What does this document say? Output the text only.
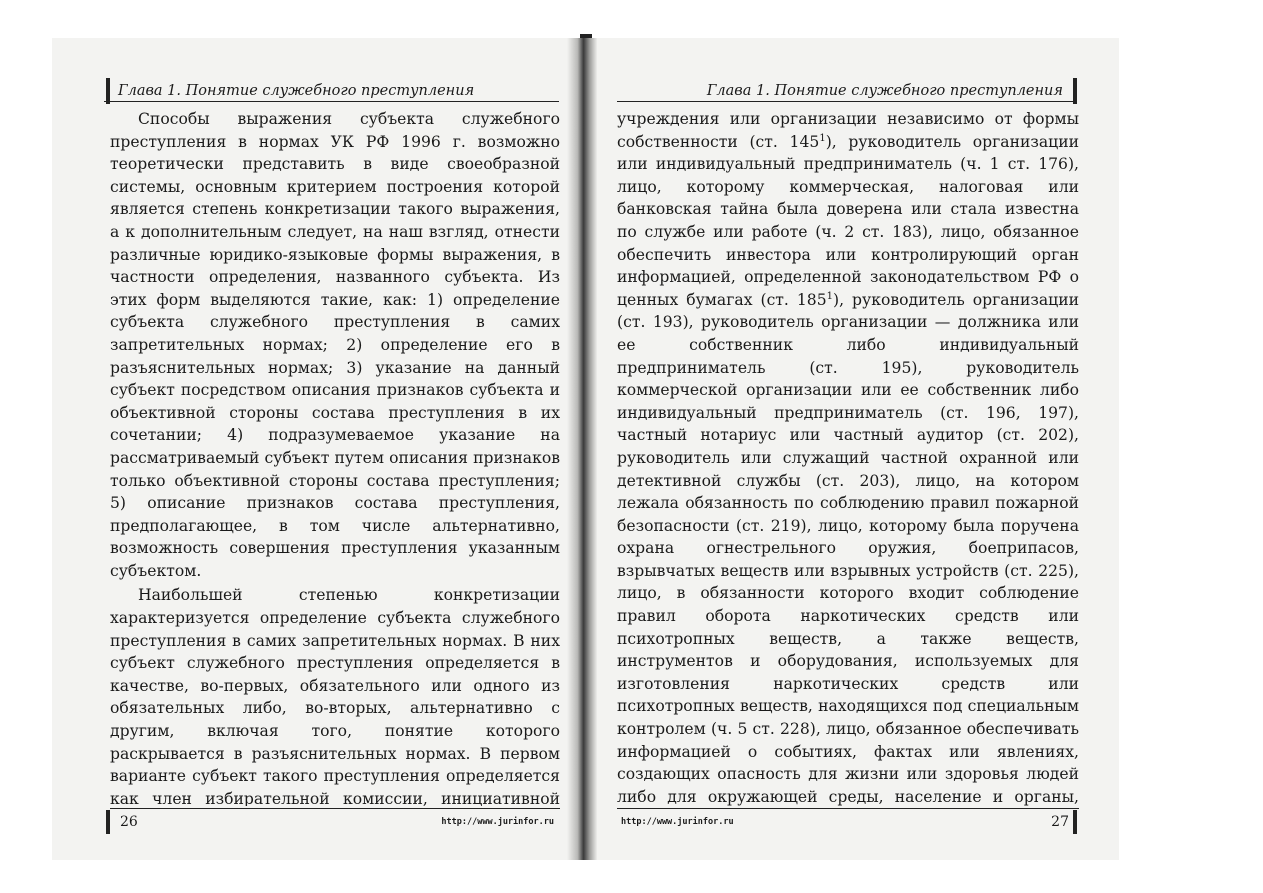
Глава 1. Понятие служебного преступления

Способы выражения субъекта служебного преступления в нормах УК РФ 1996 г. возможно теоретически представить в виде своеобразной системы, основным критерием построения которой является степень конкретизации такого выражения, а к дополнительным следует, на наш взгляд, отнести различные юридико-языковые формы выражения, в частности определения, названного субъекта. Из этих форм выделяются такие, как: 1) определение субъекта служебного преступления в самих запретительных нормах; 2) определение его в разъяснительных нормах; 3) указание на данный субъект посредством описания признаков субъекта и объективной стороны состава преступления в их сочетании; 4) подразумеваемое указание на рассматриваемый субъект путем описания признаков только объективной стороны состава преступления; 5) описание признаков состава преступления, предполагающее, в том числе альтернативно, возможность совершения преступления указанным субъектом.

Наибольшей степенью конкретизации характеризуется определение субъекта служебного преступления в самих запретительных нормах. В них субъект служебного преступления определяется в качестве, во-первых, обязательного или одного из обязательных либо, во-вторых, альтернативно с другим, включая того, понятие которого раскрывается в разъяснительных нормах. В первом варианте субъект такого преступления определяется как член избирательной комиссии, инициативной

26	http://www.jurinfor.ru
Глава 1. Понятие служебного преступления

учреждения или организации независимо от формы собственности (ст. $145^1$), руководитель организации или индивидуальный предприниматель (ч. 1 ст. 176), лицо, которому коммерческая, налоговая или банковская тайна была доверена или стала известна по службе или работе (ч. 2 ст. 183), лицо, обязанное обеспечить инвестора или контролирующий орган информацией, определенной законодательством РФ о ценных бумагах (ст. $185^1$), руководитель организации (ст. 193), руководитель организации — должника или ее собственник либо индивидуальный предприниматель (ст. 195), руководитель коммерческой организации или ее собственник либо индивидуальный предприниматель (ст. 196, 197), частный нотариус или частный аудитор (ст. 202), руководитель или служащий частной охранной или детективной службы (ст. 203), лицо, на котором лежала обязанность по соблюдению правил пожарной безопасности (ст. 219), лицо, которому была поручена охрана огнестрельного оружия, боеприпасов, взрывчатых веществ или взрывных устройств (ст. 225), лицо, в обязанности которого входит соблюдение правил оборота наркотических средств или психотропных веществ, а также веществ, инструментов и оборудования, используемых для изготовления наркотических средств или психотропных веществ, находящихся под специальным контролем (ч. 5 ст. 228), лицо, обязанное обеспечивать информацией о событиях, фактах или явлениях, создающих опасность для жизни или здоровья людей либо для окружающей среды, население и органы,

http://www.jurinfor.ru	27
